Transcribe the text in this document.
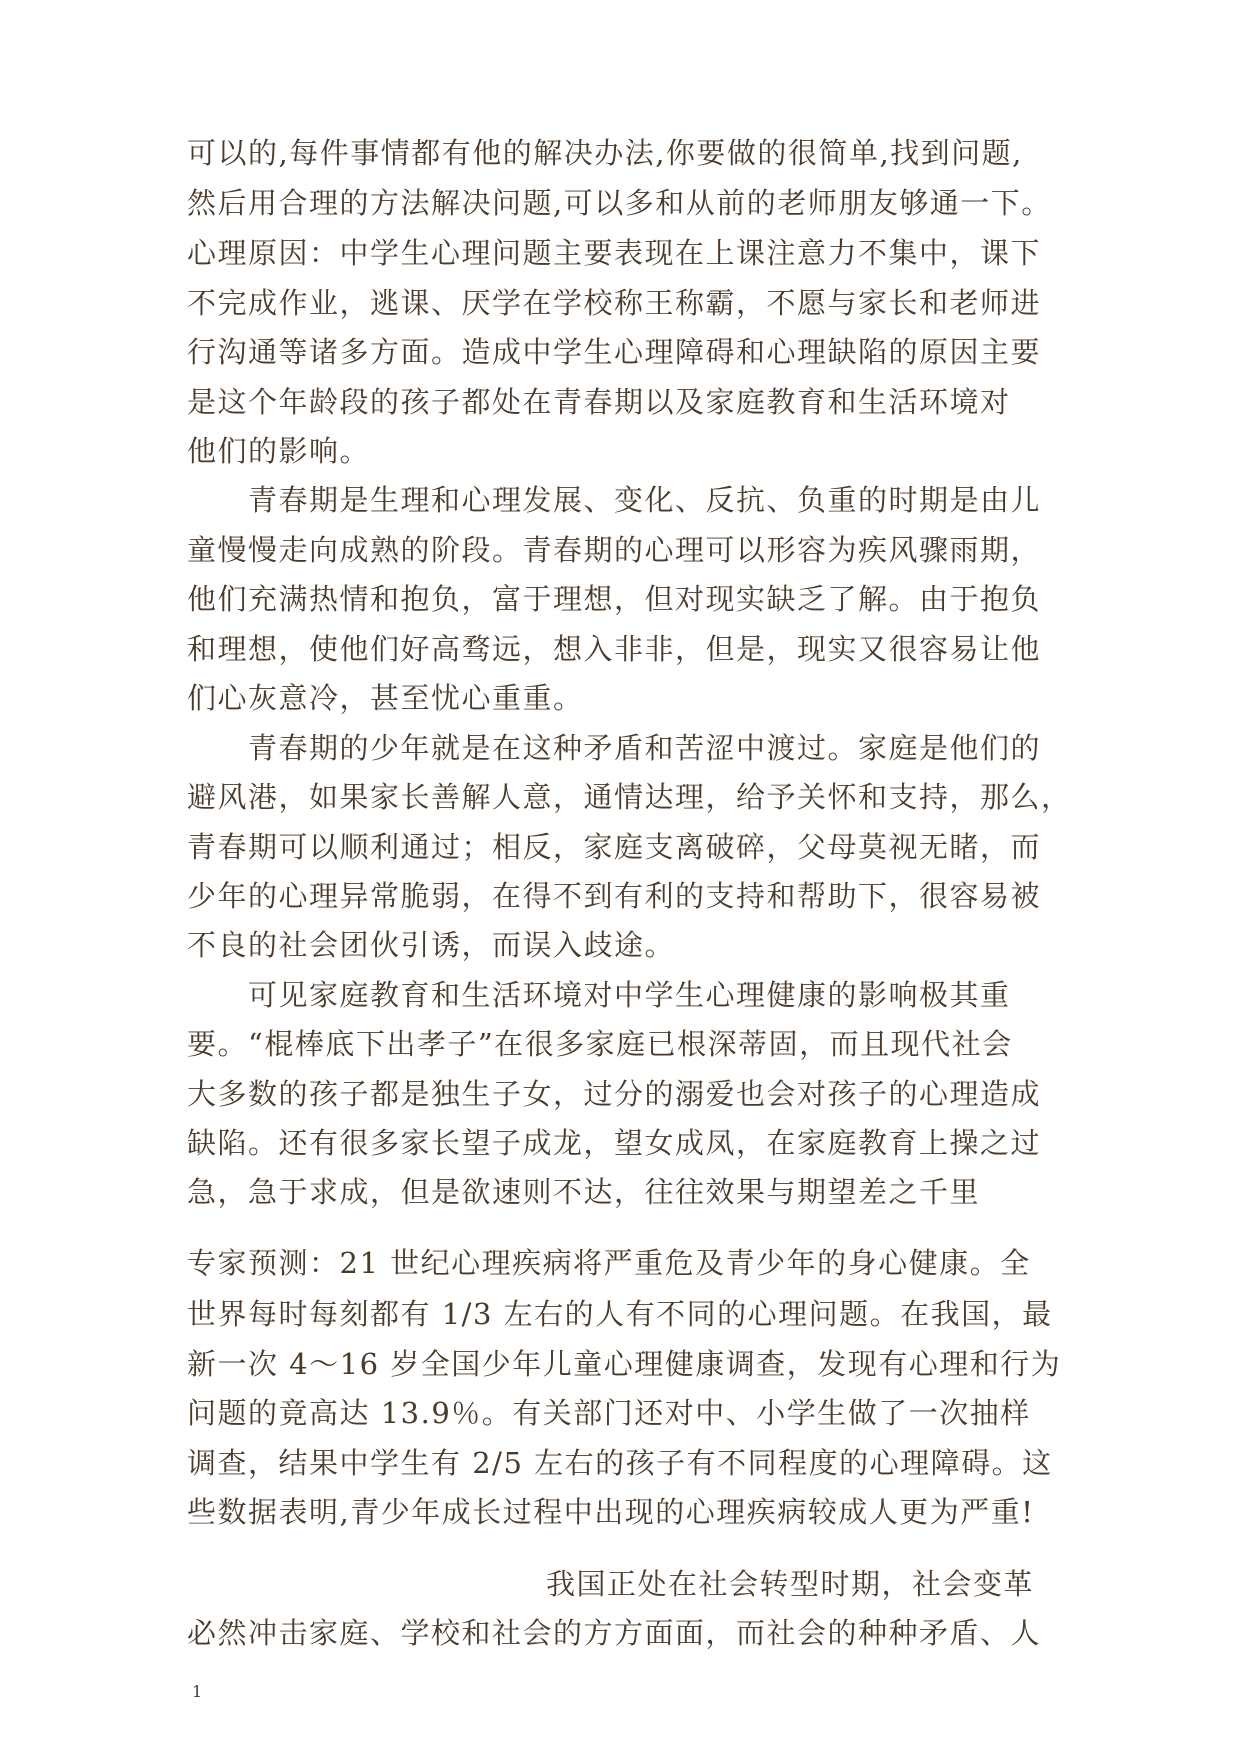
可以的,每件事情都有他的解决办法,你要做的很简单,找到问题,
然后用合理的方法解决问题,可以多和从前的老师朋友够通一下。
心理原因：中学生心理问题主要表现在上课注意力不集中，课下
不完成作业，逃课、厌学在学校称王称霸，不愿与家长和老师进
行沟通等诸多方面。造成中学生心理障碍和心理缺陷的原因主要
是这个年龄段的孩子都处在青春期以及家庭教育和生活环境对
他们的影响。
青春期是生理和心理发展、变化、反抗、负重的时期是由儿
童慢慢走向成熟的阶段。青春期的心理可以形容为疾风骤雨期，
他们充满热情和抱负，富于理想，但对现实缺乏了解。由于抱负
和理想，使他们好高骛远，想入非非，但是，现实又很容易让他
们心灰意冷，甚至忧心重重。
青春期的少年就是在这种矛盾和苦涩中渡过。家庭是他们的
避风港，如果家长善解人意，通情达理，给予关怀和支持，那么，
青春期可以顺利通过；相反，家庭支离破碎，父母莫视无睹，而
少年的心理异常脆弱，在得不到有利的支持和帮助下，很容易被
不良的社会团伙引诱，而误入歧途。
可见家庭教育和生活环境对中学生心理健康的影响极其重
要。“棍棒底下出孝子”在很多家庭已根深蒂固，而且现代社会
大多数的孩子都是独生子女，过分的溺爱也会对孩子的心理造成
缺陷。还有很多家长望子成龙，望女成凤，在家庭教育上操之过
急，急于求成，但是欲速则不达，往往效果与期望差之千里
专家预测：21 世纪心理疾病将严重危及青少年的身心健康。全
世界每时每刻都有 1/3 左右的人有不同的心理问题。在我国，最
新一次 4～16 岁全国少年儿童心理健康调查，发现有心理和行为
问题的竟高达 13.9％。有关部门还对中、小学生做了一次抽样
调查，结果中学生有 2/5 左右的孩子有不同程度的心理障碍。这
些数据表明,青少年成长过程中出现的心理疾病较成人更为严重!
我国正处在社会转型时期，社会变革
必然冲击家庭、学校和社会的方方面面，而社会的种种矛盾、人
1
